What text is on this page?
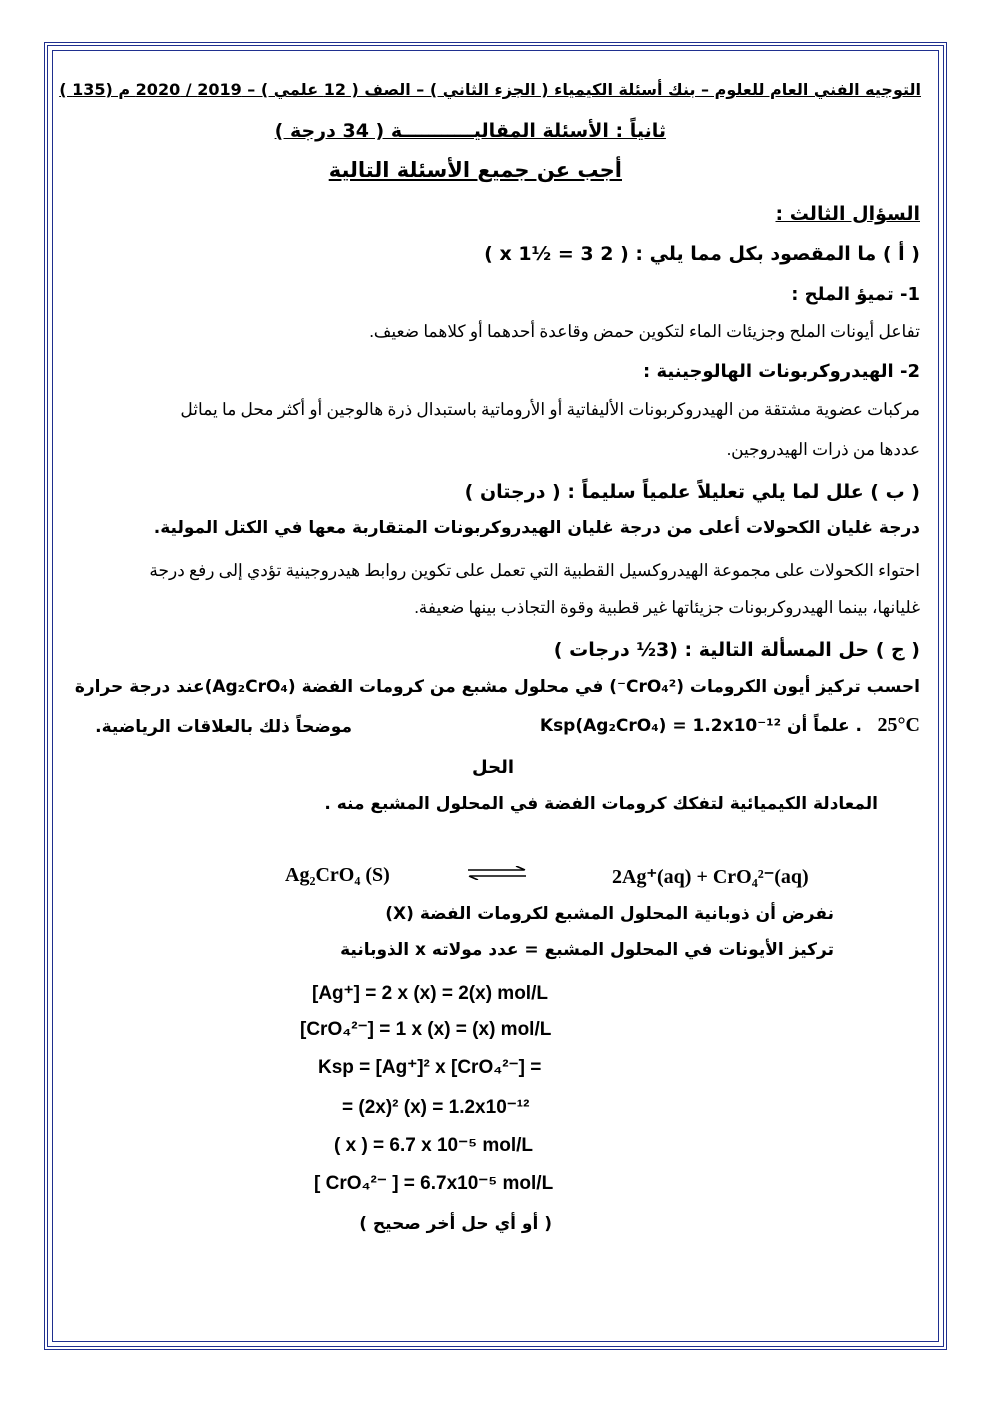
التوجيه الفني العام للعلوم – بنك أسئلة الكيمياء ( الجزء الثاني ) – الصف ( 12 علمي ) – 2019 / 2020 م (135 )
ثانياً : الأسئلة المقاليـــــــــــة ( 34 درجة )
أجب عن جميع الأسئلة التالية
السؤال الثالث :
( أ ) ما المقصود بكل مما يلي : ( 2 x 1½ = 3 )
1- تميؤ الملح :
تفاعل أيونات الملح وجزيئات الماء لتكوين حمض وقاعدة أحدهما أو كلاهما ضعيف.
2- الهيدروكربونات الهالوجينية :
مركبات عضوية مشتقة من الهيدروكربونات الأليفاتية أو الأروماتية باستبدال ذرة هالوجين أو أكثر محل ما يماثل
عددها من ذرات الهيدروجين.
( ب ) علل لما يلي تعليلاً علمياً سليماً : ( درجتان )
درجة غليان الكحولات أعلى من درجة غليان الهيدروكربونات المتقاربة معها في الكتل المولية.
احتواء الكحولات على مجموعة الهيدروكسيل القطبية التي تعمل على تكوين روابط هيدروجينية تؤدي إلى رفع درجة
غليانها، بينما الهيدروكربونات جزيئاتها غير قطبية وقوة التجاذب بينها ضعيفة.
( ج ) حل المسألة التالية : (3½ درجات )
احسب تركيز أيون الكرومات (CrO₄²⁻) في محلول مشبع من كرومات الفضة (Ag₂CrO₄)عند درجة حرارة
25°C
. علماً أن Ksp(Ag₂CrO₄) = 1.2x10⁻¹²
موضحاً ذلك بالعلاقات الرياضية.
الحل
المعادلة الكيميائية لتفكك كرومات الفضة في المحلول المشبع منه .
Ag₂CrO₄ (S)	2Ag⁺(aq) + CrO₄²⁻(aq)
نفرض أن ذوبانية المحلول المشبع لكرومات الفضة (X)
تركيز الأيونات في المحلول المشبع = عدد مولاته x الذوبانية
[Ag⁺] = 2 x (x) = 2(x) mol/L
[CrO₄²⁻] = 1 x (x) = (x) mol/L
Ksp = [Ag⁺]² x [CrO₄²⁻] =
= (2x)² (x) = 1.2x10⁻¹²
( x ) = 6.7 x 10⁻⁵ mol/L
[ CrO₄²⁻ ] = 6.7x10⁻⁵ mol/L
( أو أي حل أخر صحيح )
